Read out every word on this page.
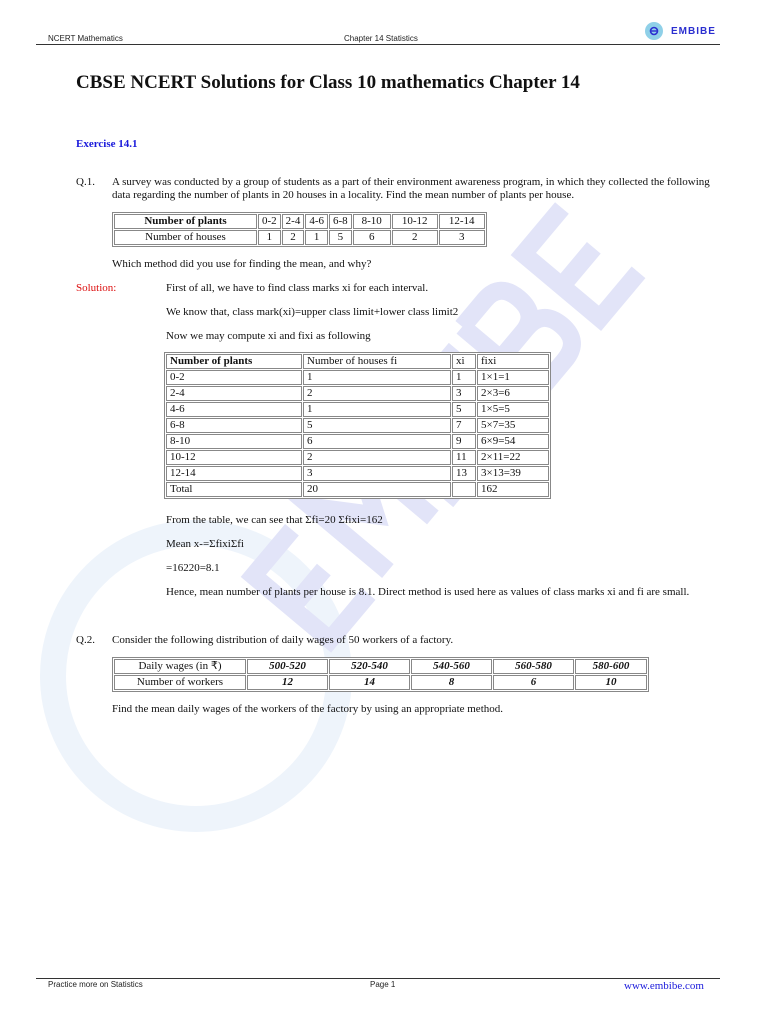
NCERT Mathematics	Chapter 14 Statistics
EMBIBE
CBSE NCERT Solutions for Class 10 mathematics Chapter 14
Exercise 14.1
Q.1. A survey was conducted by a group of students as a part of their environment awareness program, in which they collected the following data regarding the number of plants in 20 houses in a locality. Find the mean number of plants per house.

Number of plants	0-2	2-4	4-6	6-8	8-10	10-12	12-14
Number of houses	1	2	1	5	6	2	3
Which method did you use for finding the mean, and why?
Solution:	First of all, we have to find class marks xi for each interval.
We know that, class mark(xi)=upper class limit+lower class limit2
Now we may compute xi and fixi as following
Number of plants	Number of houses fi	xi	fixi
0-2	1	1	1×1=1
2-4	2	3	2×3=6
4-6	1	5	1×5=5
6-8	5	7	5×7=35
8-10	6	9	6×9=54
10-12	2	11	2×11=22
12-14	3	13	3×13=39
Total	20		162
From the table, we can see that Σfi=20 Σfixi=162
Mean x-=ΣfixiΣfi
=16220=8.1

Hence, mean number of plants per house is 8.1. Direct method is used here as values of class marks xi and fi are small.

Q.2. Consider the following distribution of daily wages of 50 workers of a factory.
Daily wages (in ₹)	500-520	520-540	540-560	560-580	580-600
Number of workers	12	14	8	6	10
Find the mean daily wages of the workers of the factory by using an appropriate method.
Practice more on Statistics	Page 1	www.embibe.com
